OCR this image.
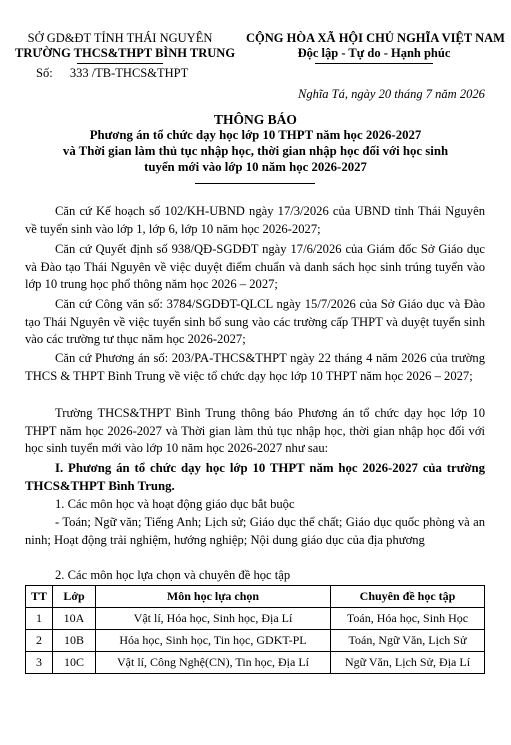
SỞ GD&ĐT TỈNH THÁI NGUYÊN
TRƯỜNG THCS&THPT BÌNH TRUNG
Số: 333 /TB-THCS&THPT
CỘNG HÒA XÃ HỘI CHỦ NGHĨA VIỆT NAM
Độc lập - Tự do - Hạnh phúc
Nghĩa Tá, ngày 20 tháng 7 năm 2026
THÔNG BÁO
Phương án tổ chức dạy học lớp 10 THPT năm học 2026-2027
và Thời gian làm thủ tục nhập học, thời gian nhập học đối với học sinh
tuyển mới vào lớp 10 năm học 2026-2027
Căn cứ Kế hoạch số 102/KH-UBND ngày 17/3/2026 của UBND tỉnh Thái Nguyên về tuyển sinh vào lớp 1, lớp 6, lớp 10 năm học 2026-2027;
Căn cứ Quyết định số 938/QĐ-SGDĐT ngày 17/6/2026 của Giám đốc Sở Giáo dục và Đào tạo Thái Nguyên về việc duyệt điểm chuẩn và danh sách học sinh trúng tuyển vào lớp 10 trung học phổ thông năm học 2026 – 2027;
Căn cứ Công văn số: 3784/SGDĐT-QLCL ngày 15/7/2026 của Sở Giáo dục và Đào tạo Thái Nguyên về việc tuyển sinh bổ sung vào các trường cấp THPT và duyệt tuyển sinh vào các trường tư thục năm học 2026-2027;
Căn cứ Phương án số: 203/PA-THCS&THPT ngày 22 tháng 4 năm 2026 của trường THCS & THPT Bình Trung về việc tổ chức dạy học lớp 10 THPT năm học 2026 – 2027;
Trường THCS&THPT Bình Trung thông báo Phương án tổ chức dạy học lớp 10 THPT năm học 2026-2027 và Thời gian làm thủ tục nhập học, thời gian nhập học đối với học sinh tuyển mới vào lớp 10 năm học 2026-2027 như sau:
I. Phương án tổ chức dạy học lớp 10 THPT năm học 2026-2027 của trường THCS&THPT Bình Trung.
1. Các môn học và hoạt động giáo dục bắt buộc
- Toán; Ngữ văn; Tiếng Anh; Lịch sử; Giáo dục thể chất; Giáo dục quốc phòng và an ninh; Hoạt động trải nghiệm, hướng nghiệp; Nội dung giáo dục của địa phương
2. Các môn học lựa chọn và chuyên đề học tập
TT	Lớp	Môn học lựa chọn	Chuyên đề học tập
1	10A	Vật lí, Hóa học, Sinh học, Địa Lí	Toán, Hóa học, Sinh Học
2	10B	Hóa học, Sinh học, Tin học, GDKT-PL	Toán, Ngữ Văn, Lịch Sử
3	10C	Vật lí, Công Nghệ(CN), Tin học, Địa Lí	Ngữ Văn, Lịch Sử, Địa Lí
